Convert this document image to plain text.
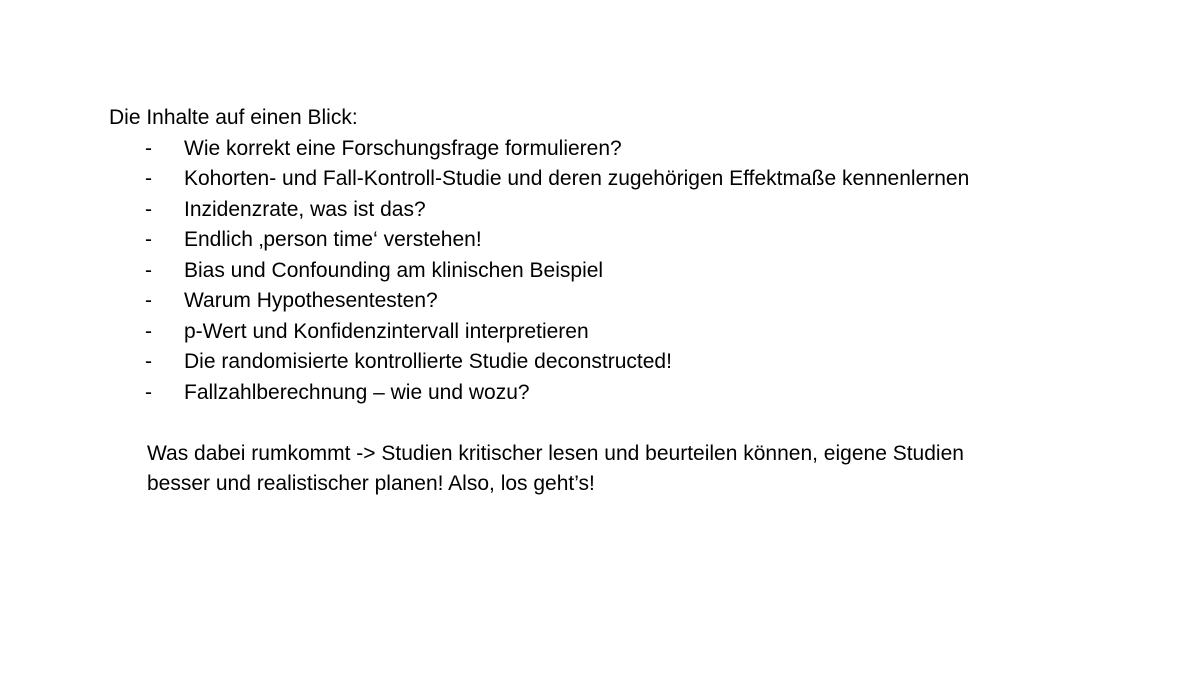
Die Inhalte auf einen Blick:

- Wie korrekt eine Forschungsfrage formulieren?
- Kohorten- und Fall-Kontroll-Studie und deren zugehörigen Effektmaße kennenlernen
- Inzidenzrate, was ist das?
- Endlich ‚person time‘ verstehen!
- Bias und Confounding am klinischen Beispiel
- Warum Hypothesentesten?
- p-Wert und Konfidenzintervall interpretieren
- Die randomisierte kontrollierte Studie deconstructed!
- Fallzahlberechnung – wie und wozu?

Was dabei rumkommt -> Studien kritischer lesen und beurteilen können, eigene Studien
besser und realistischer planen! Also, los geht’s!
